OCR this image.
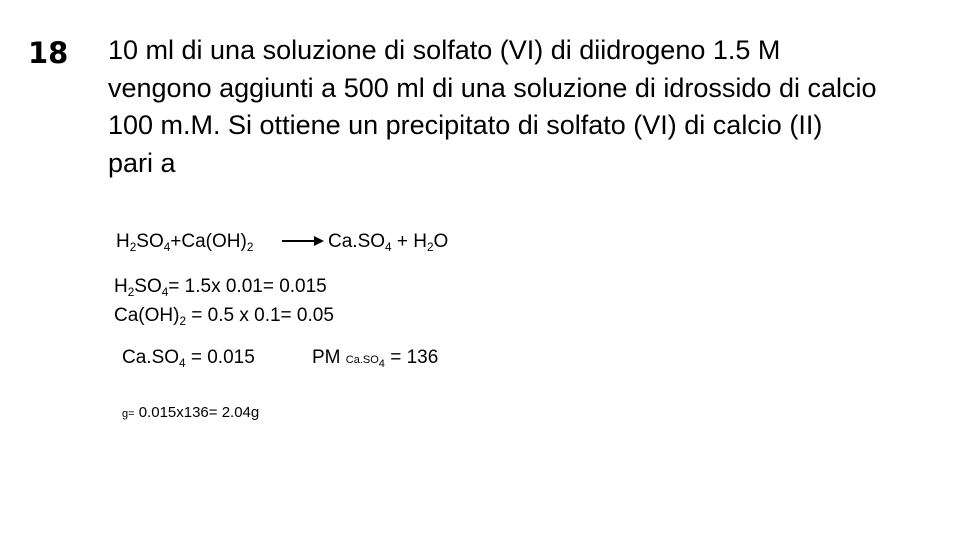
18 10 ml di una soluzione di solfato (VI) di diidrogeno 1.5 M
vengono aggiunti a 500 ml di una soluzione di idrossido di calcio
100 m.M. Si ottiene un precipitato di solfato (VI) di calcio (II)
pari a
$H_2SO_4+Ca(OH)_2$	$Ca.SO_4 + H_2O$
$H_2SO_4= 1.5x$ 0.01= 0.015
$Ca(OH)_2 = 0.5$ x 0.1= 0.05
$Ca.SO_4 = 0.015$	PM $Ca.SO_4 = 136$
g= 0.015x136= 2.04g
